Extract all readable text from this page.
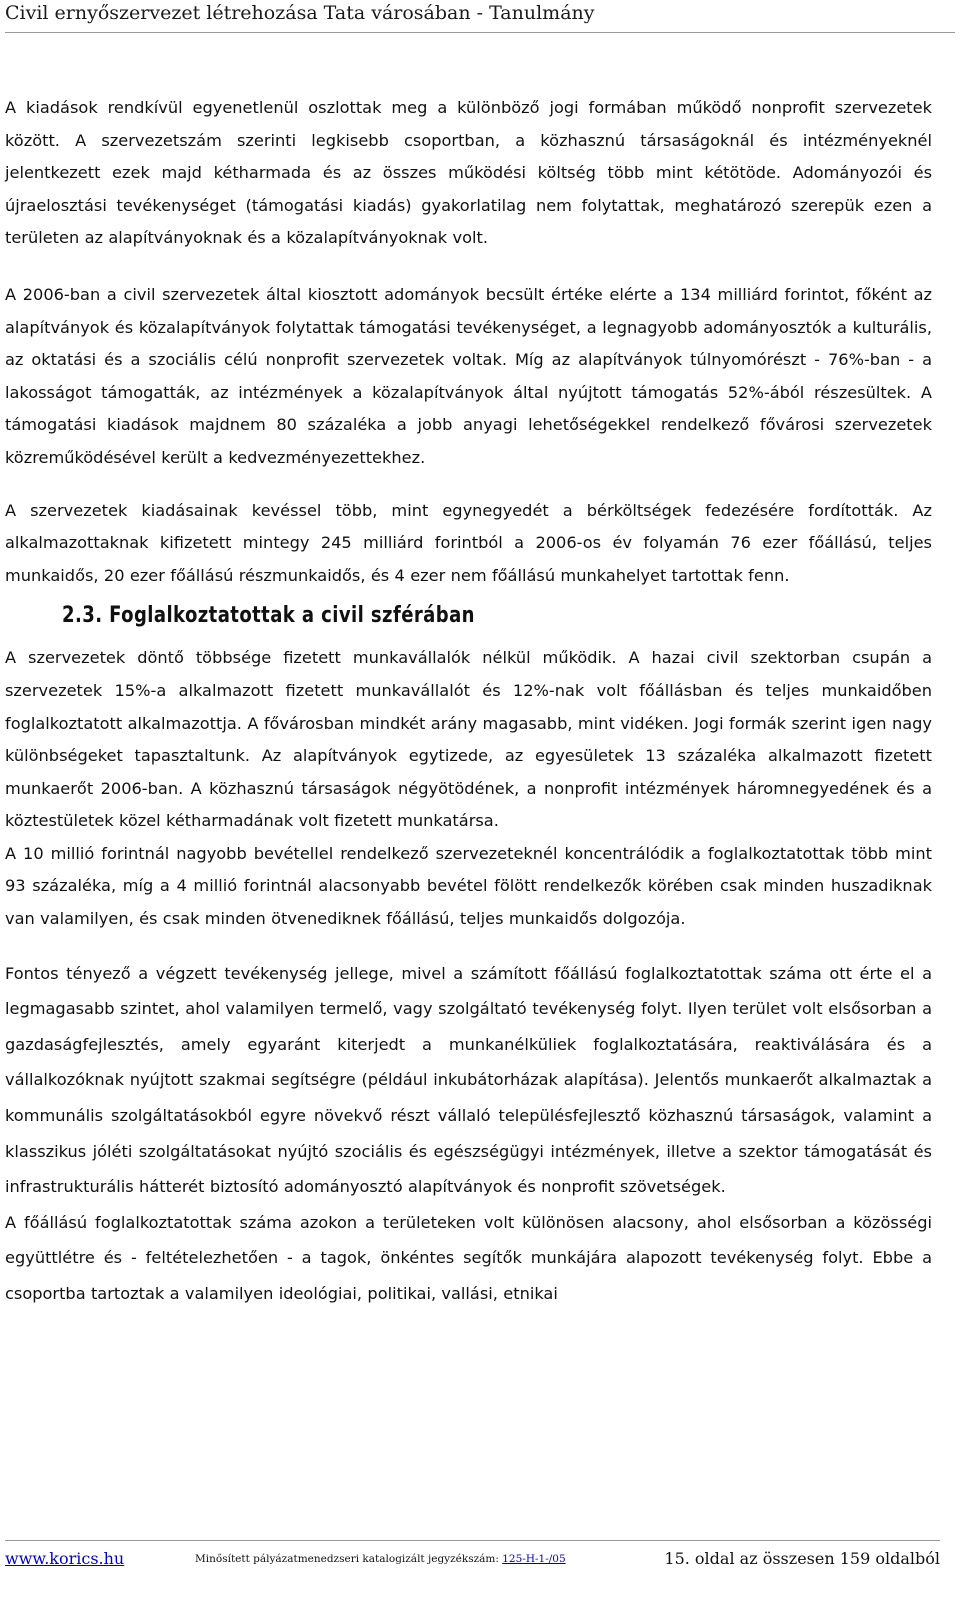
Civil ernyőszervezet létrehozása Tata városában - Tanulmány

A kiadások rendkívül egyenetlenül oszlottak meg a különböző jogi formában működő nonprofit szervezetek között. A szervezetszám szerinti legkisebb csoportban, a közhasznú társaságoknál és intézményeknél jelentkezett ezek majd kétharmada és az összes működési költség több mint kétötöde. Adományozói és újraelosztási tevékenységet (támogatási kiadás) gyakorlatilag nem folytattak, meghatározó szerepük ezen a területen az alapítványoknak és a közalapítványoknak volt.

A 2006-ban a civil szervezetek által kiosztott adományok becsült értéke elérte a 134 milliárd forintot, főként az alapítványok és közalapítványok folytattak támogatási tevékenységet, a legnagyobb adományosztók a kulturális, az oktatási és a szociális célú nonprofit szervezetek voltak. Míg az alapítványok túlnyomórészt - 76%-ban - a lakosságot támogatták, az intézmények a közalapítványok által nyújtott támogatás 52%-ából részesültek. A támogatási kiadások majdnem 80 százaléka a jobb anyagi lehetőségekkel rendelkező fővárosi szervezetek közreműködésével került a kedvezményezettekhez.

A szervezetek kiadásainak kevéssel több, mint egynegyedét a bérköltségek fedezésére fordították. Az alkalmazottaknak kifizetett mintegy 245 milliárd forintból a 2006-os év folyamán 76 ezer főállású, teljes munkaidős, 20 ezer főállású részmunkaidős, és 4 ezer nem főállású munkahelyet tartottak fenn.

2.3. Foglalkoztatottak a civil szférában

A szervezetek döntő többsége fizetett munkavállalók nélkül működik. A hazai civil szektorban csupán a szervezetek 15%-a alkalmazott fizetett munkavállalót és 12%-nak volt főállásban és teljes munkaidőben foglalkoztatott alkalmazottja. A fővárosban mindkét arány magasabb, mint vidéken. Jogi formák szerint igen nagy különbségeket tapasztaltunk. Az alapítványok egytizede, az egyesületek 13 százaléka alkalmazott fizetett munkaerőt 2006-ban. A közhasznú társaságok négyötödének, a nonprofit intézmények háromnegyedének és a köztestületek közel kétharmadának volt fizetett munkatársa.

A 10 millió forintnál nagyobb bevétellel rendelkező szervezeteknél koncentrálódik a foglalkoztatottak több mint 93 százaléka, míg a 4 millió forintnál alacsonyabb bevétel fölött rendelkezők körében csak minden huszadiknak van valamilyen, és csak minden ötvenediknek főállású, teljes munkaidős dolgozója.

Fontos tényező a végzett tevékenység jellege, mivel a számított főállású foglalkoztatottak száma ott érte el a legmagasabb szintet, ahol valamilyen termelő, vagy szolgáltató tevékenység folyt. Ilyen terület volt elsősorban a gazdaságfejlesztés, amely egyaránt kiterjedt a munkanélküliek foglalkoztatására, reaktiválására és a vállalkozóknak nyújtott szakmai segítségre (például inkubátorházak alapítása). Jelentős munkaerőt alkalmaztak a kommunális szolgáltatásokból egyre növekvő részt vállaló településfejlesztő közhasznú társaságok, valamint a klasszikus jóléti szolgáltatásokat nyújtó szociális és egészségügyi intézmények, illetve a szektor támogatását és infrastrukturális hátterét biztosító adományosztó alapítványok és nonprofit szövetségek.

A főállású foglalkoztatottak száma azokon a területeken volt különösen alacsony, ahol elsősorban a közösségi együttlétre és - feltételezhetően - a tagok, önkéntes segítők munkájára alapozott tevékenység folyt. Ebbe a csoportba tartoztak a valamilyen ideológiai, politikai, vallási, etnikai

www.korics.hu	Minősített pályázatmenedzseri katalogizált jegyzékszám: 125-H-1-/05	15. oldal az összesen 159 oldalból
